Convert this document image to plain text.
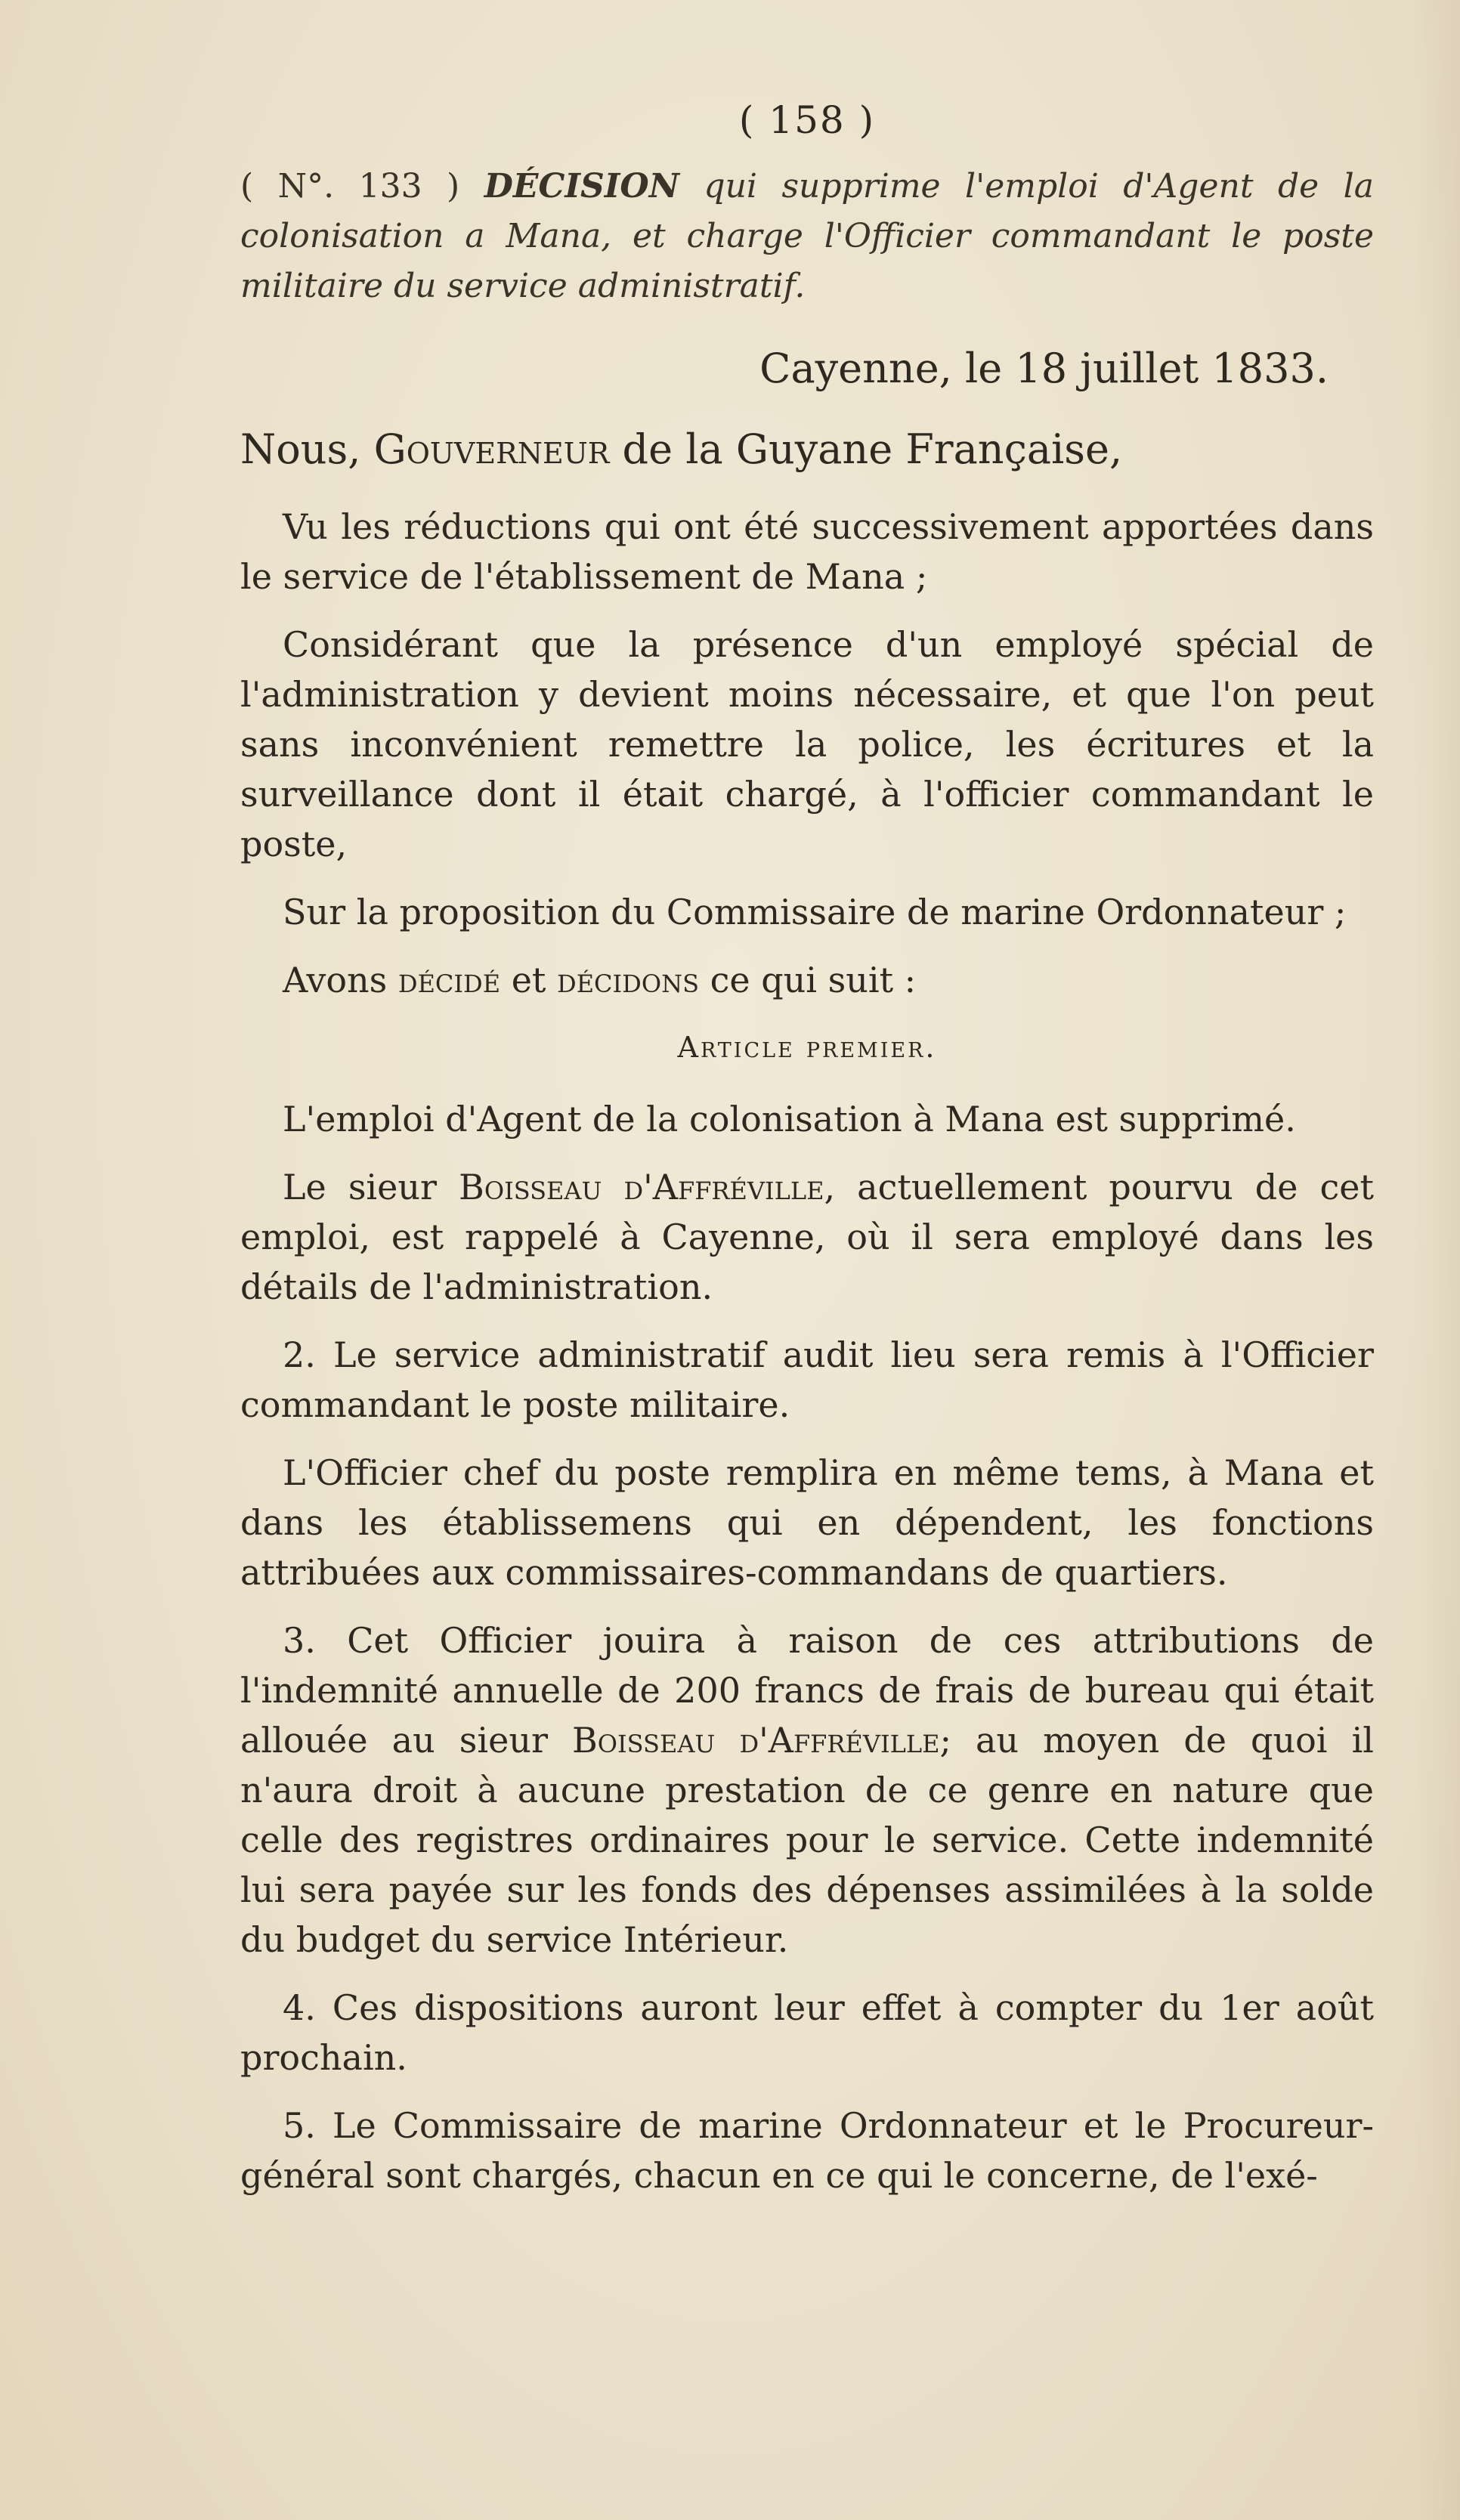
( 158 )
( N°. 133 ) DÉCISION qui supprime l'emploi d'Agent de la colonisation a Mana, et charge l'Officier commandant le poste militaire du service administratif.
Cayenne, le 18 juillet 1833.
Nous, Gouverneur de la Guyane Française,

Vu les réductions qui ont été successivement apportées dans le service de l'établissement de Mana ;

Considérant que la présence d'un employé spécial de l'administration y devient moins nécessaire, et que l'on peut sans inconvénient remettre la police, les écritures et la surveillance dont il était chargé, à l'officier commandant le poste,

Sur la proposition du Commissaire de marine Ordonnateur ;

Avons décidé et décidons ce qui suit :

Article premier.

L'emploi d'Agent de la colonisation à Mana est supprimé.

Le sieur Boisseau d'Affréville, actuellement pourvu de cet emploi, est rappelé à Cayenne, où il sera employé dans les détails de l'administration.

2. Le service administratif audit lieu sera remis à l'Officier commandant le poste militaire.

L'Officier chef du poste remplira en même tems, à Mana et dans les établissemens qui en dépendent, les fonctions attribuées aux commissaires-commandans de quartiers.

3. Cet Officier jouira à raison de ces attributions de l'indemnité annuelle de 200 francs de frais de bureau qui était allouée au sieur Boisseau d'Affréville; au moyen de quoi il n'aura droit à aucune prestation de ce genre en nature que celle des registres ordinaires pour le service. Cette indemnité lui sera payée sur les fonds des dépenses assimilées à la solde du budget du service Intérieur.

4. Ces dispositions auront leur effet à compter du 1er août prochain.

5. Le Commissaire de marine Ordonnateur et le Procureur-général sont chargés, chacun en ce qui le concerne, de l'exé-
